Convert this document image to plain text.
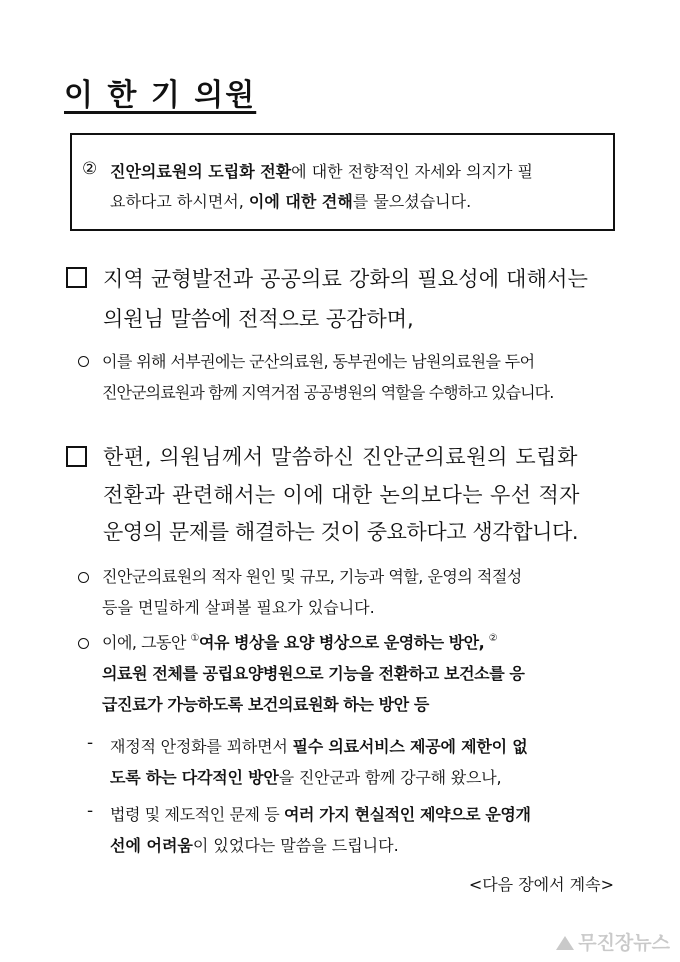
이 한 기 의원
② 진안의료원의 도립화 전환에 대한 전향적인 자세와 의지가 필
요하다고 하시면서, 이에 대한 견해를 물으셨습니다.
지역 균형발전과 공공의료 강화의 필요성에 대해서는
의원님 말씀에 전적으로 공감하며,
이를 위해 서부권에는 군산의료원, 동부권에는 남원의료원을 두어
진안군의료원과 함께 지역거점 공공병원의 역할을 수행하고 있습니다.
한편, 의원님께서 말씀하신 진안군의료원의 도립화
전환과 관련해서는 이에 대한 논의보다는 우선 적자
운영의 문제를 해결하는 것이 중요하다고 생각합니다.
진안군의료원의 적자 원인 및 규모, 기능과 역할, 운영의 적절성
등을 면밀하게 살펴볼 필요가 있습니다.
이에, 그동안 ①여유 병상을 요양 병상으로 운영하는 방안, ②
의료원 전체를 공립요양병원으로 기능을 전환하고 보건소를 응
급진료가 가능하도록 보건의료원화 하는 방안 등
- 재정적 안정화를 꾀하면서 필수 의료서비스 제공에 제한이 없
도록 하는 다각적인 방안을 진안군과 함께 강구해 왔으나,
- 법령 및 제도적인 문제 등 여러 가지 현실적인 제약으로 운영개
선에 어려움이 있었다는 말씀을 드립니다.
<다음 장에서 계속>
무진장뉴스
